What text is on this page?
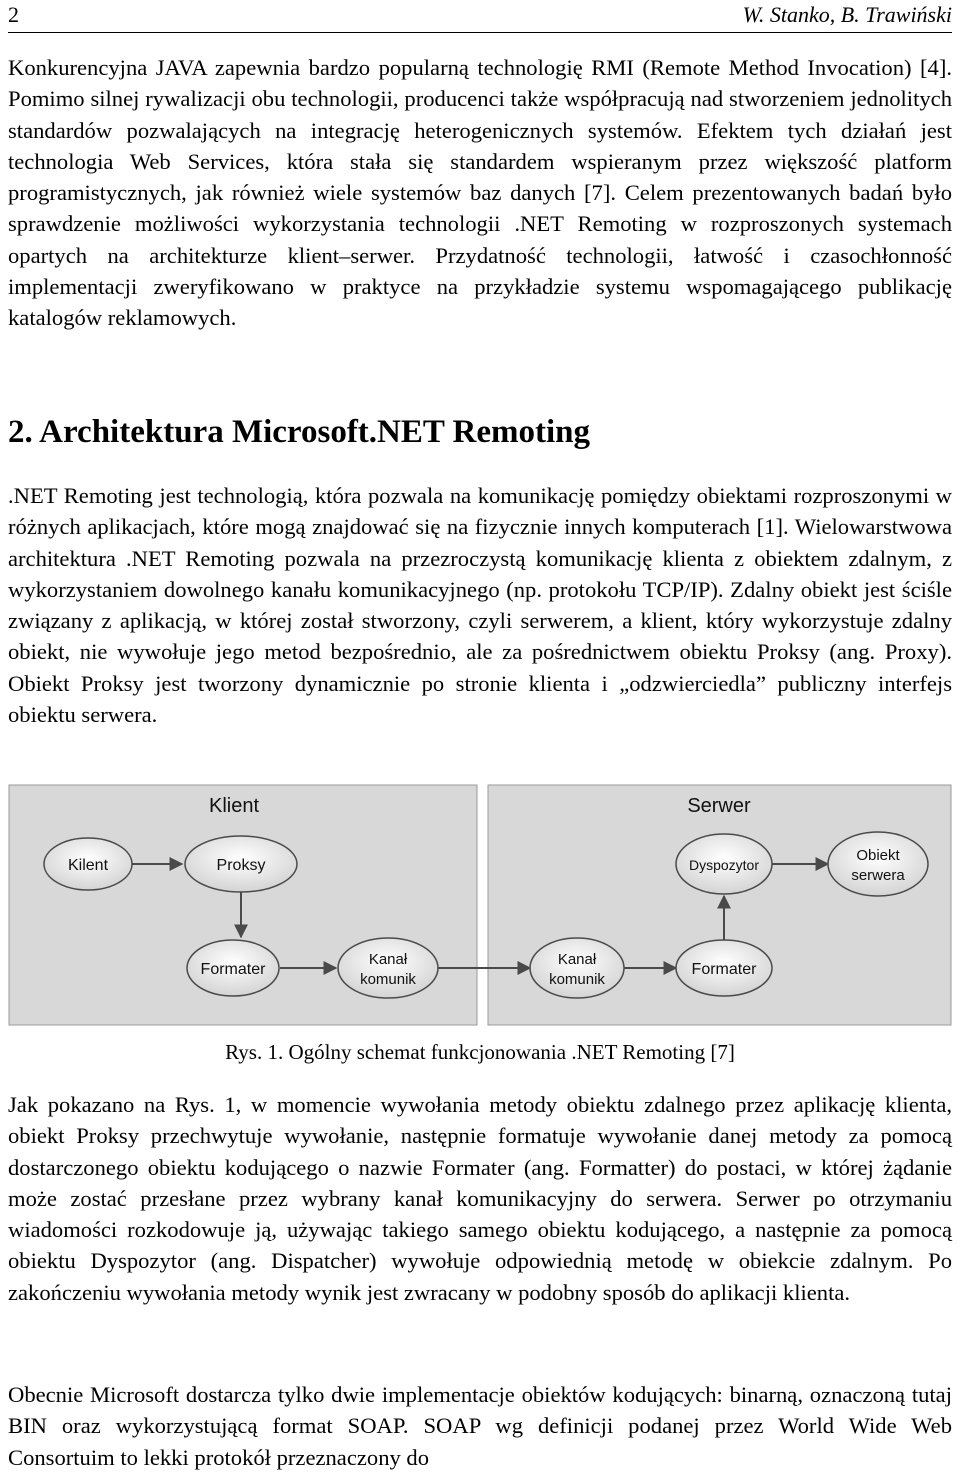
2	W. Stanko, B. Trawiński

Konkurencyjna JAVA zapewnia bardzo popularną technologię RMI (Remote Method Invocation) [4]. Pomimo silnej rywalizacji obu technologii, producenci także współpracują nad stworzeniem jednolitych standardów pozwalających na integrację heterogenicznych systemów. Efektem tych działań jest technologia Web Services, która stała się standardem wspieranym przez większość platform programistycznych, jak również wiele systemów baz danych [7]. Celem prezentowanych badań było sprawdzenie możliwości wykorzystania technologii .NET Remoting w rozproszonych systemach opartych na architekturze klient–serwer. Przydatność technologii, łatwość i czasochłonność implementacji zweryfikowano w praktyce na przykładzie systemu wspomagającego publikację katalogów reklamowych.

2. Architektura Microsoft.NET Remoting

.NET Remoting jest technologią, która pozwala na komunikację pomiędzy obiektami rozproszonymi w różnych aplikacjach, które mogą znajdować się na fizycznie innych komputerach [1]. Wielowarstwowa architektura .NET Remoting pozwala na przezroczystą komunikację klienta z obiektem zdalnym, z wykorzystaniem dowolnego kanału komunikacyjnego (np. protokołu TCP/IP). Zdalny obiekt jest ściśle związany z aplikacją, w której został stworzony, czyli serwerem, a klient, który wykorzystuje zdalny obiekt, nie wywołuje jego metod bezpośrednio, ale za pośrednictwem obiektu Proksy (ang. Proxy). Obiekt Proksy jest tworzony dynamicznie po stronie klienta i „odzwierciedla” publiczny interfejs obiektu serwera.

Klient	Serwer
Kilent	Proksy
Formater
Kanał
komunik
Dyspozytor
Obiekt
serwera
Kanał
komunik
Formater
Rys. 1. Ogólny schemat funkcjonowania .NET Remoting [7]

Jak pokazano na Rys. 1, w momencie wywołania metody obiektu zdalnego przez aplikację klienta, obiekt Proksy przechwytuje wywołanie, następnie formatuje wywołanie danej metody za pomocą dostarczonego obiektu kodującego o nazwie Formater (ang. Formatter) do postaci, w której żądanie może zostać przesłane przez wybrany kanał komunikacyjny do serwera. Serwer po otrzymaniu wiadomości rozkodowuje ją, używając takiego samego obiektu kodującego, a następnie za pomocą obiektu Dyspozytor (ang. Dispatcher) wywołuje odpowiednią metodę w obiekcie zdalnym. Po zakończeniu wywołania metody wynik jest zwracany w podobny sposób do aplikacji klienta.

Obecnie Microsoft dostarcza tylko dwie implementacje obiektów kodujących: binarną, oznaczoną tutaj BIN oraz wykorzystującą format SOAP. SOAP wg definicji podanej przez World Wide Web Consortuim to lekki protokół przeznaczony do
